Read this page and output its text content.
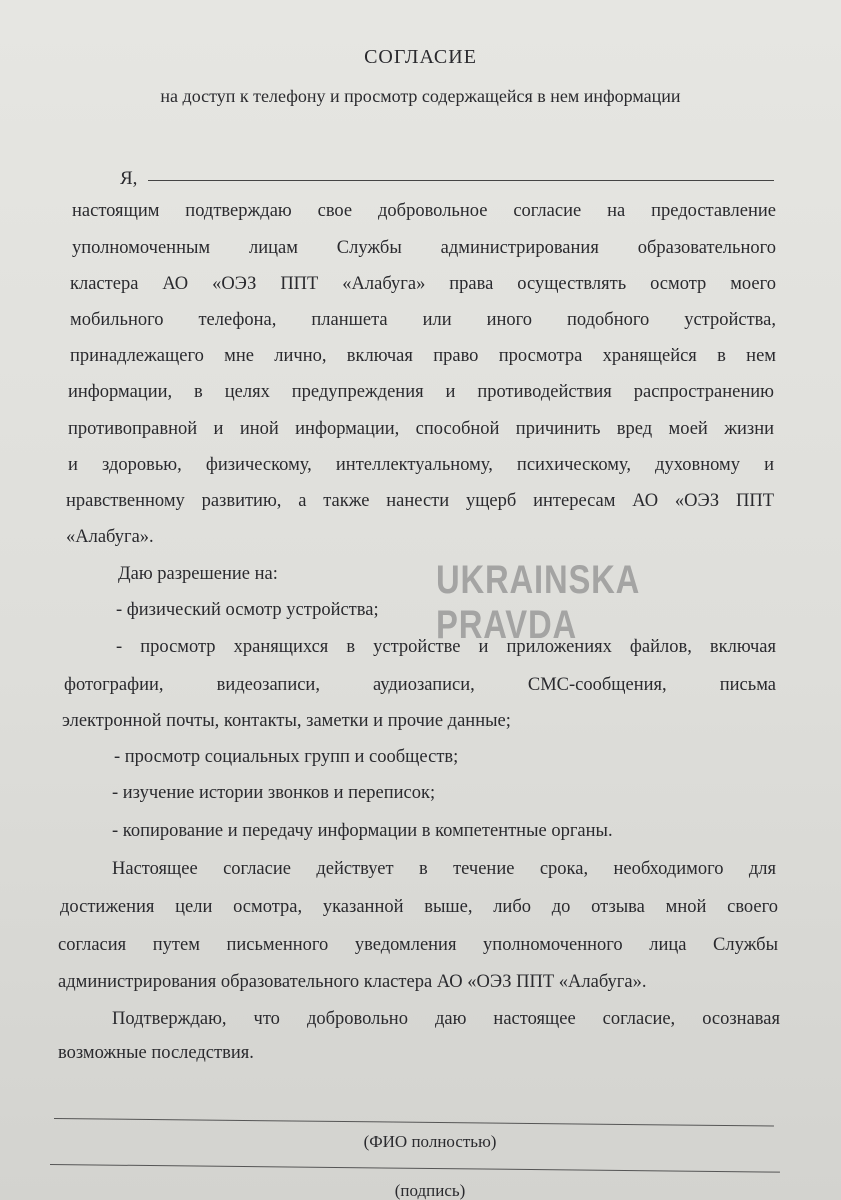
СОГЛАСИЕ
на доступ к телефону и просмотр содержащейся в нем информации
Я,
настоящим подтверждаю свое добровольное согласие на предоставление
уполномоченным лицам Службы администрирования образовательного
кластера АО «ОЭЗ ППТ «Алабуга» права осуществлять осмотр моего
мобильного телефона, планшета или иного подобного устройства,
принадлежащего мне лично, включая право просмотра хранящейся в нем
информации, в целях предупреждения и противодействия распространению
противоправной и иной информации, способной причинить вред моей жизни
и здоровью, физическому, интеллектуальному, психическому, духовному и
нравственному развитию, а также нанести ущерб интересам АО «ОЭЗ ППТ
«Алабуга».
Даю разрешение на:
- физический осмотр устройства;
UKRAINSKA PRAVDA
- просмотр хранящихся в устройстве и приложениях файлов, включая
фотографии, видеозаписи, аудиозаписи, СМС-сообщения, письма
электронной почты, контакты, заметки и прочие данные;
- просмотр социальных групп и сообществ;
- изучение истории звонков и переписок;
- копирование и передачу информации в компетентные органы.
Настоящее согласие действует в течение срока, необходимого для
достижения цели осмотра, указанной выше, либо до отзыва мной своего
согласия путем письменного уведомления уполномоченного лица Службы
администрирования образовательного кластера АО «ОЭЗ ППТ «Алабуга».
Подтверждаю, что добровольно даю настоящее согласие, осознавая
возможные последствия.
(ФИО полностью)
(подпись)
